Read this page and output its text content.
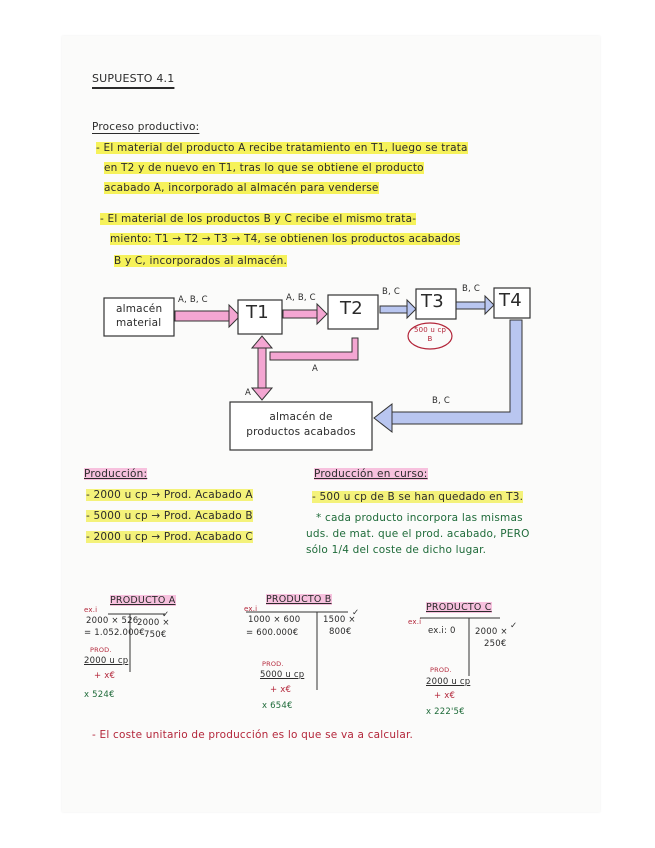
SUPUESTO 4.1
Proceso productivo:
- El material del producto A recibe tratamiento en T1, luego se trata
en T2 y de nuevo en T1, tras lo que se obtiene el producto
acabado A, incorporado al almacén para venderse
- El material de los productos B y C recibe el mismo trata-
miento: T1 → T2 → T3 → T4, se obtienen los productos acabados
B y C, incorporados al almacén.
almacén
material	T1	T2	T3	T4
A, B, C	A, B, C
B, C	B, C
A
A
B, C
500 u cp
B
almacén de
productos acabados
Producción:
- 2000 u cp → Prod. Acabado A
- 5000 u cp → Prod. Acabado B
- 2000 u cp → Prod. Acabado C
Producción en curso:
- 500 u cp de B se han quedado en T3.
* cada producto incorpora las mismas
uds. de mat. que el prod. acabado, PERO
sólo 1/4 del coste de dicho lugar.
PRODUCTO A
ex.i
2000 × 526
= 1.052.000€
2000 ×
750€
✓
PROD.
2000 u cp
+ x€
x 524€
PRODUCTO B
ex.i
1000 × 600
= 600.000€
1500 ×
800€
✓
PROD.
5000 u cp
+ x€
x 654€
PRODUCTO C
ex.i
ex.i: 0 2000 ×
250€
✓
PROD.
2000 u cp
+ x€
x 222'5€
- El coste unitario de producción es lo que se va a calcular.
